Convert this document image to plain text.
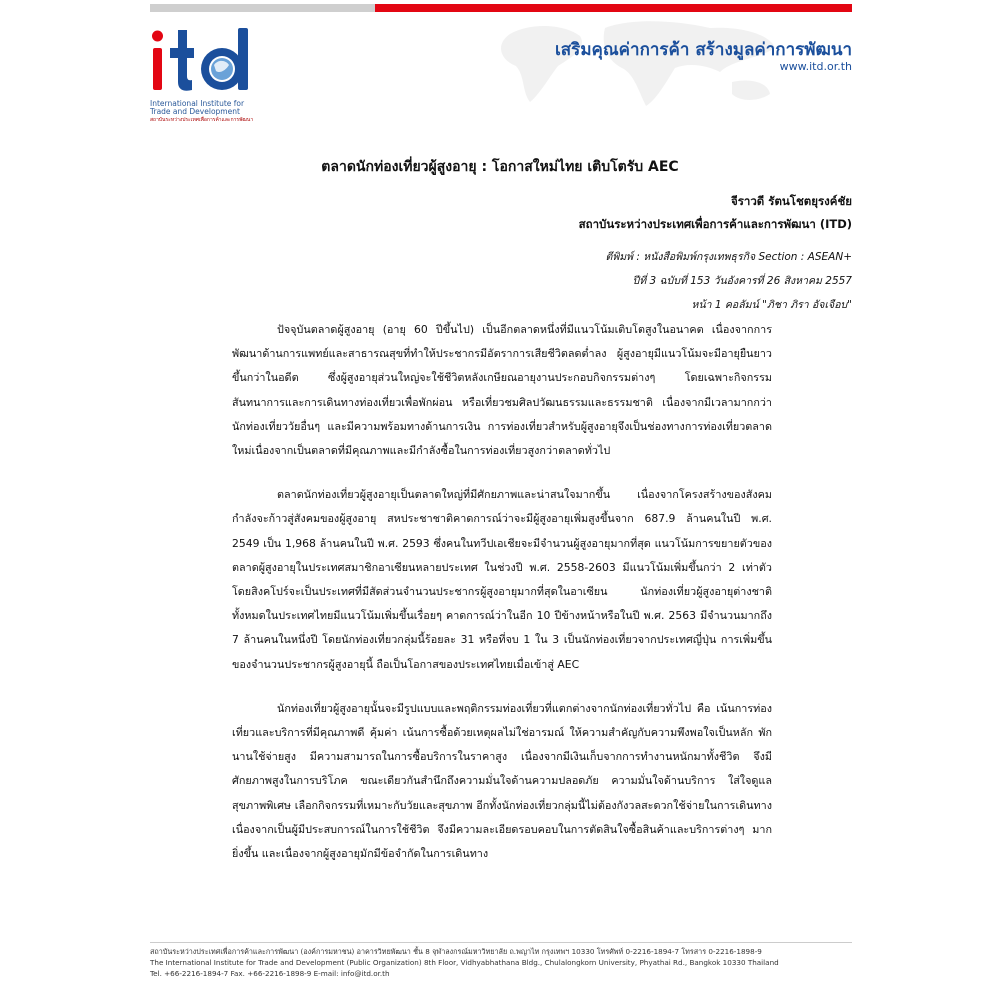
International Institute for
Trade and Development
สถาบันระหว่างประเทศเพื่อการค้าและการพัฒนา
เสริมคุณค่าการค้า สร้างมูลค่าการพัฒนา
www.itd.or.th
ตลาดนักท่องเที่ยวผู้สูงอายุ : โอกาสใหม่ไทย เติบโตรับ AEC
จีราวดี รัตนโชตยุรงค์ชัย
สถาบันระหว่างประเทศเพื่อการค้าและการพัฒนา (ITD)
ตีพิมพ์ : หนังสือพิมพ์กรุงเทพธุรกิจ Section : ASEAN+
ปีที่ 3 ฉบับที่ 153 วันอังคารที่ 26 สิงหาคม 2557
หน้า 1 คอลัมน์ "ภิชา ภิรา อัจเจือบ"

ปัจจุบันตลาดผู้สูงอายุ (อายุ 60 ปีขึ้นไป) เป็นอีกตลาดหนึ่งที่มีแนวโน้มเติบโตสูงในอนาคต เนื่องจากการพัฒนาด้านการแพทย์และสาธารณสุขที่ทำให้ประชากรมีอัตราการเสียชีวิตลดต่ำลง ผู้สูงอายุมีแนวโน้มจะมีอายุยืนยาวขึ้นกว่าในอดีต ซึ่งผู้สูงอายุส่วนใหญ่จะใช้ชีวิตหลังเกษียณอายุงานประกอบกิจกรรมต่างๆ โดยเฉพาะกิจกรรมสันทนาการและการเดินทางท่องเที่ยวเพื่อพักผ่อน หรือเที่ยวชมศิลปวัฒนธรรมและธรรมชาติ เนื่องจากมีเวลามากกว่านักท่องเที่ยววัยอื่นๆ และมีความพร้อมทางด้านการเงิน การท่องเที่ยวสำหรับผู้สูงอายุจึงเป็นช่องทางการท่องเที่ยวตลาดใหม่เนื่องจากเป็นตลาดที่มีคุณภาพและมีกำลังซื้อในการท่องเที่ยวสูงกว่าตลาดทั่วไป

ตลาดนักท่องเที่ยวผู้สูงอายุเป็นตลาดใหญ่ที่มีศักยภาพและน่าสนใจมากขึ้น เนื่องจากโครงสร้างของสังคมกำลังจะก้าวสู่สังคมของผู้สูงอายุ สหประชาชาติคาดการณ์ว่าจะมีผู้สูงอายุเพิ่มสูงขึ้นจาก 687.9 ล้านคนในปี พ.ศ. 2549 เป็น 1,968 ล้านคนในปี พ.ศ. 2593 ซึ่งคนในทวีปเอเชียจะมีจำนวนผู้สูงอายุมากที่สุด แนวโน้มการขยายตัวของตลาดผู้สูงอายุในประเทศสมาชิกอาเซียนหลายประเทศ ในช่วงปี พ.ศ. 2558-2603 มีแนวโน้มเพิ่มขึ้นกว่า 2 เท่าตัว โดยสิงคโปร์จะเป็นประเทศที่มีสัดส่วนจำนวนประชากรผู้สูงอายุมากที่สุดในอาเซียน นักท่องเที่ยวผู้สูงอายุต่างชาติทั้งหมดในประเทศไทยมีแนวโน้มเพิ่มขึ้นเรื่อยๆ คาดการณ์ว่าในอีก 10 ปีข้างหน้าหรือในปี พ.ศ. 2563 มีจำนวนมากถึง 7 ล้านคนในหนึ่งปี โดยนักท่องเที่ยวกลุ่มนี้ร้อยละ 31 หรือที่จบ 1 ใน 3 เป็นนักท่องเที่ยวจากประเทศญี่ปุ่น การเพิ่มขึ้นของจำนวนประชากรผู้สูงอายุนี้ ถือเป็นโอกาสของประเทศไทยเมื่อเข้าสู่ AEC

นักท่องเที่ยวผู้สูงอายุนั้นจะมีรูปแบบและพฤติกรรมท่องเที่ยวที่แตกต่างจากนักท่องเที่ยวทั่วไป คือ เน้นการท่องเที่ยวและบริการที่มีคุณภาพดี คุ้มค่า เน้นการซื้อด้วยเหตุผลไม่ใช่อารมณ์ ให้ความสำคัญกับความพึงพอใจเป็นหลัก พักนานใช้จ่ายสูง มีความสามารถในการซื้อบริการในราคาสูง เนื่องจากมีเงินเก็บจากการทำงานหนักมาทั้งชีวิต จึงมีศักยภาพสูงในการบริโภค ขณะเดียวกันสำนึกถึงความมั่นใจด้านความปลอดภัย ความมั่นใจด้านบริการ ใส่ใจดูแลสุขภาพพิเศษ เลือกกิจกรรมที่เหมาะกับวัยและสุขภาพ อีกทั้งนักท่องเที่ยวกลุ่มนี้ไม่ต้องกังวลสะดวกใช้จ่ายในการเดินทาง เนื่องจากเป็นผู้มีประสบการณ์ในการใช้ชีวิต จึงมีความละเอียดรอบคอบในการตัดสินใจซื้อสินค้าและบริการต่างๆ มากยิ่งขึ้น และเนื่องจากผู้สูงอายุมักมีข้อจำกัดในการเดินทาง

สถาบันระหว่างประเทศเพื่อการค้าและการพัฒนา (องค์การมหาชน) อาคารวิทยพัฒนา ชั้น 8 จุฬาลงกรณ์มหาวิทยาลัย ถ.พญาไท กรุงเทพฯ 10330 โทรศัพท์ 0-2216-1894-7 โทรสาร 0-2216-1898-9
The International Institute for Trade and Development (Public Organization) 8th Floor, Vidhyabhathana Bldg., Chulalongkorn University, Phyathai Rd., Bangkok 10330 Thailand
Tel. +66-2216-1894-7 Fax. +66-2216-1898-9 E-mail: info@itd.or.th
